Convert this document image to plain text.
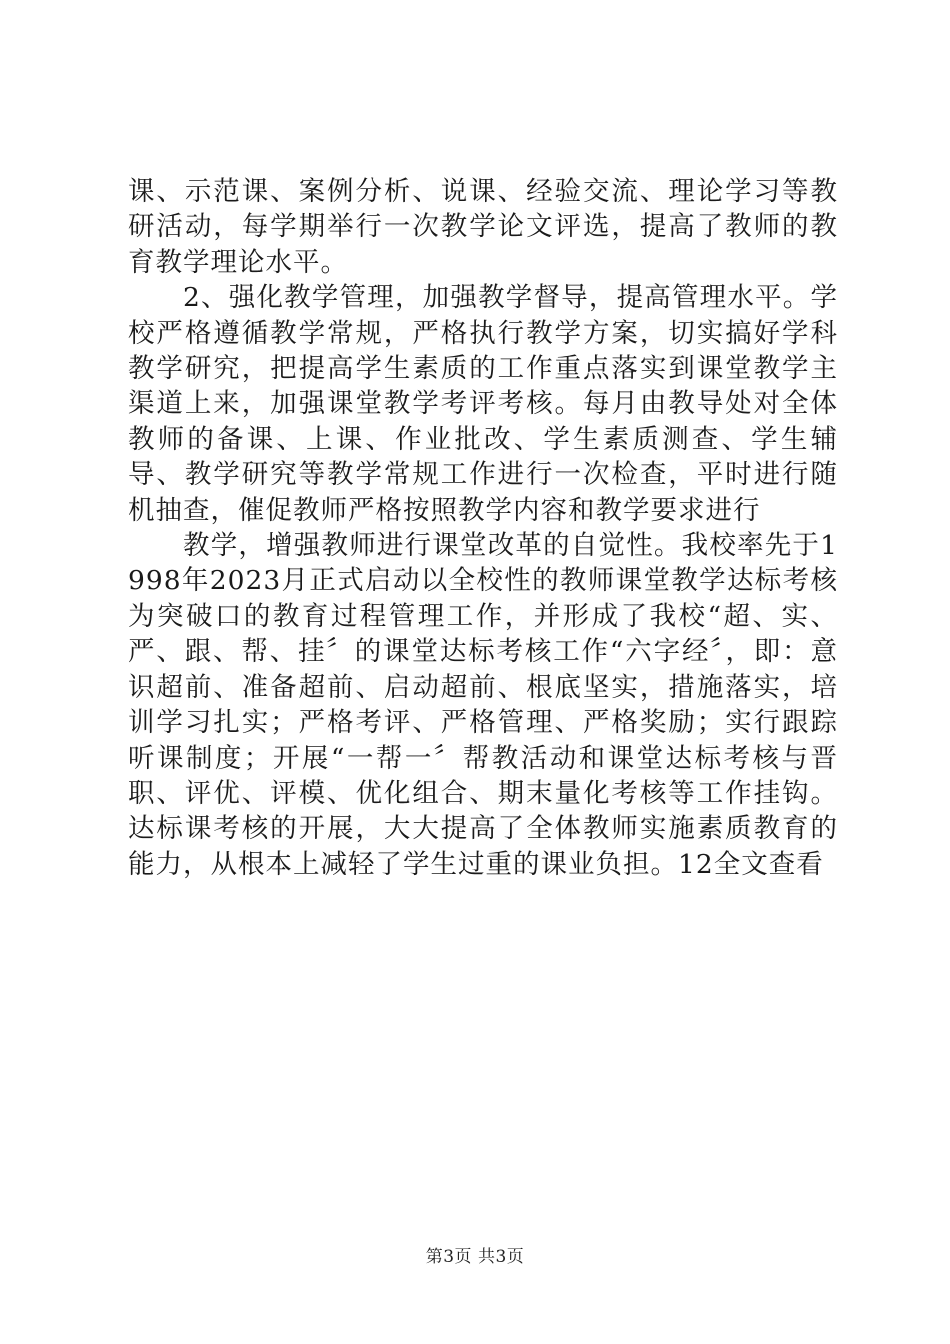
课、示范课、案例分析、说课、经验交流、理论学习等教研活动，每学期举行一次教学论文评选，提高了教师的教育教学理论水平。

2、强化教学管理，加强教学督导，提高管理水平。学校严格遵循教学常规，严格执行教学方案，切实搞好学科教学研究，把提高学生素质的工作重点落实到课堂教学主渠道上来，加强课堂教学考评考核。每月由教导处对全体教师的备课、上课、作业批改、学生素质测查、学生辅导、教学研究等教学常规工作进行一次检查，平时进行随机抽查，催促教师严格按照教学内容和教学要求进行

教学，增强教师进行课堂改革的自觉性。我校率先于1998年2023月正式启动以全校性的教师课堂教学达标考核为突破口的教育过程管理工作，并形成了我校“超、实、严、跟、帮、挂〞的课堂达标考核工作“六字经〞，即：意识超前、准备超前、启动超前、根底坚实，措施落实，培训学习扎实；严格考评、严格管理、严格奖励；实行跟踪听课制度；开展“一帮一〞帮教活动和课堂达标考核与晋职、评优、评模、优化组合、期末量化考核等工作挂钩。达标课考核的开展，大大提高了全体教师实施素质教育的能力，从根本上减轻了学生过重的课业负担。12全文查看

第3页 共3页
